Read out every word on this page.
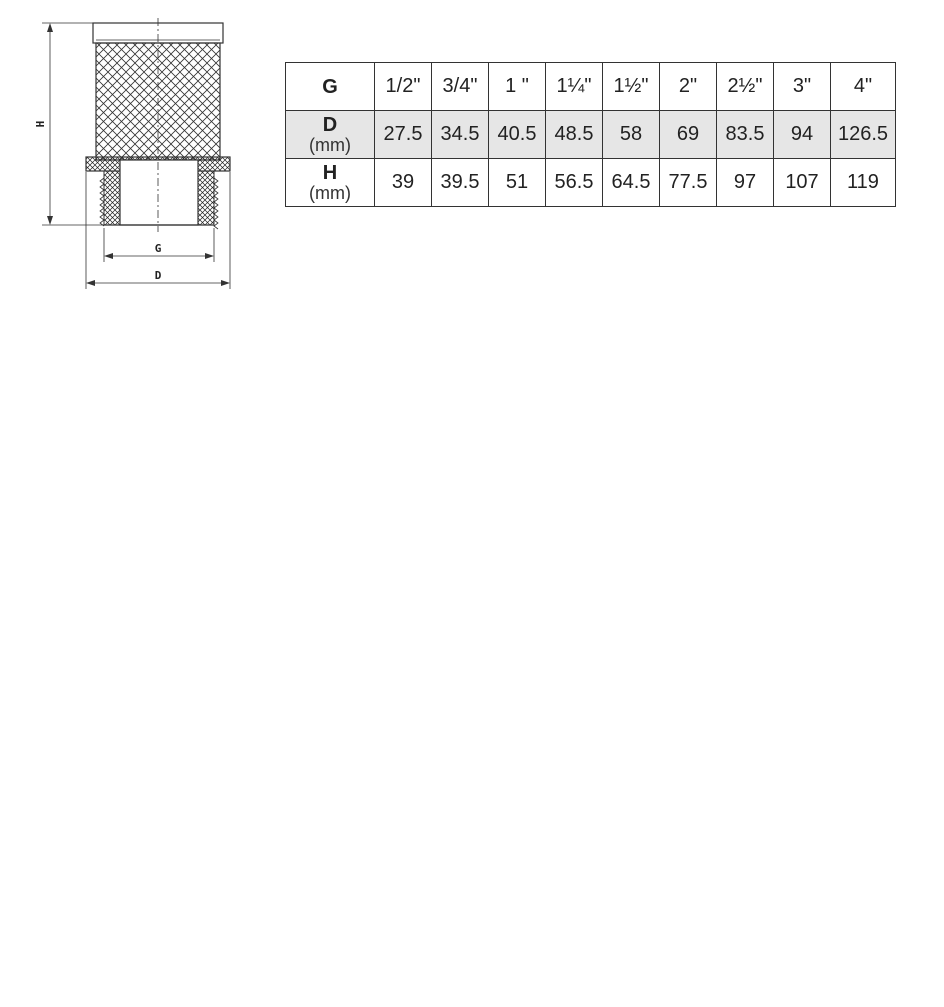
H
G
D
G	1/2"	3/4"	1 "	1¼"	1½"	2"	2½"	3"	4"

D
(mm)	27.5	34.5	40.5	48.5	58	69	83.5	94	126.5

H
(mm)	39	39.5	51	56.5	64.5	77.5	97	107	119
